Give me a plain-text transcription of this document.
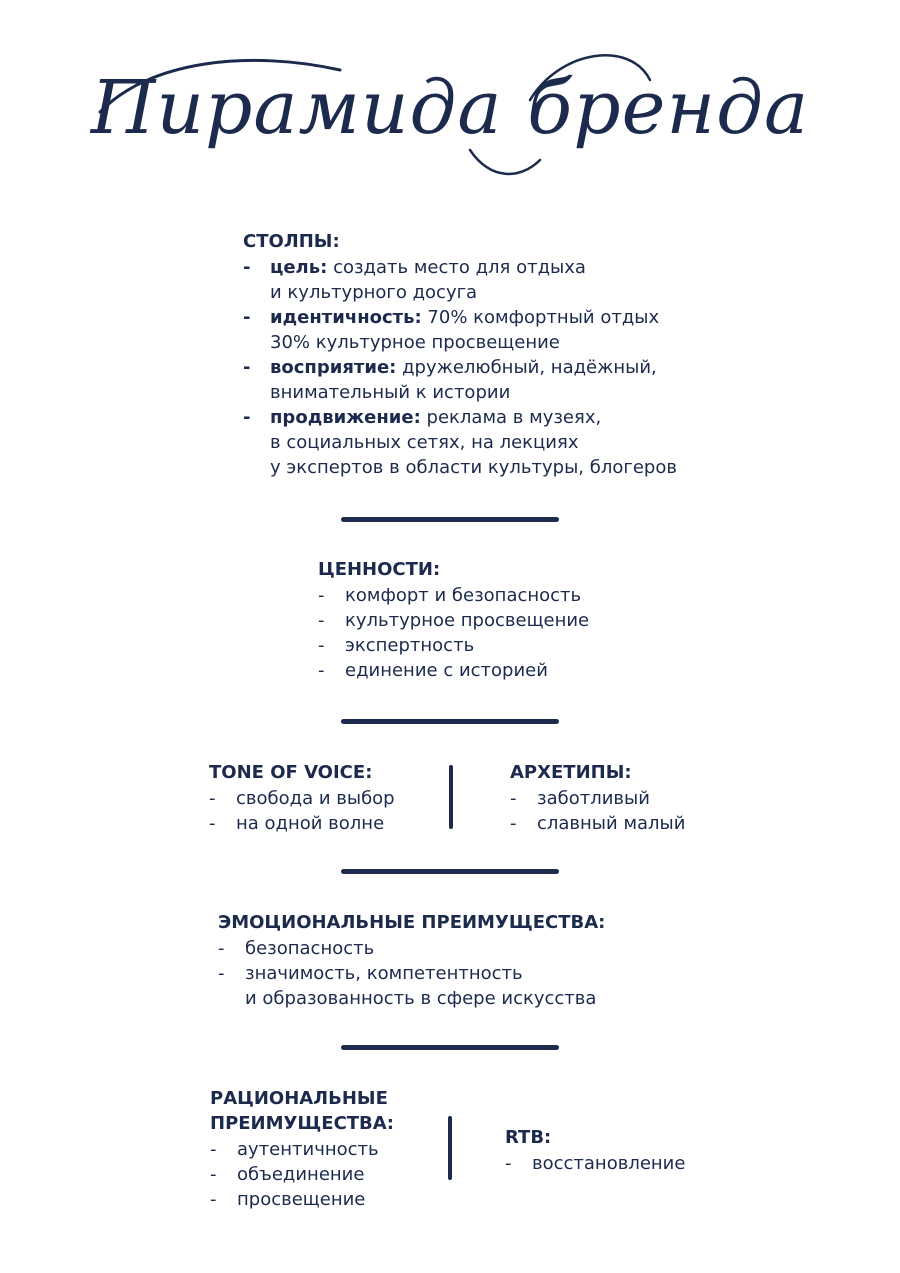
Пирамида бренда
СТОЛПЫ:
- цель: создать место для отдыха
и культурного досуга
- идентичность: 70% комфортный отдых
30% культурное просвещение
- восприятие: дружелюбный, надёжный,
внимательный к истории
- продвижение: реклама в музеях,
в социальных сетях, на лекциях
у экспертов в области культуры, блогеров
ЦЕННОСТИ:
- комфорт и безопасность
- культурное просвещение
- экспертность
- единение с историей
TONE OF VOICE:
- свобода и выбор
- на одной волне
АРХЕТИПЫ:
- заботливый
- славный малый
ЭМОЦИОНАЛЬНЫЕ ПРЕИМУЩЕСТВА:
- безопасность
- значимость, компетентность
и образованность в сфере искусства
РАЦИОНАЛЬНЫЕ
ПРЕИМУЩЕСТВА:
- аутентичность
- объединение
- просвещение
RTB:
- восстановление
